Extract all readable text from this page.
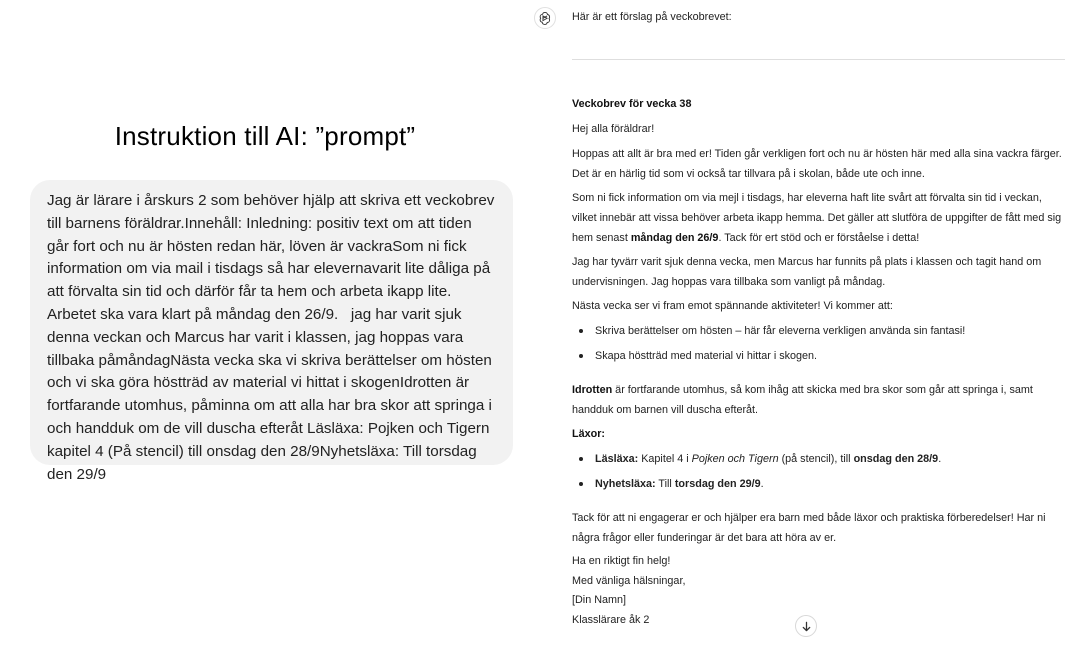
Instruktion till AI: ”prompt”
Jag är lärare i årskurs 2 som behöver hjälp att skriva ett veckobrev till barnens föräldrar.Innehåll: Inledning: positiv text om att tiden går fort och nu är hösten redan här, löven är vackraSom ni fick information om via mail i tisdags så har elevernavarit lite dåliga på att förvalta sin tid och därför får ta hem och arbeta ikapp lite. Arbetet ska vara klart på måndag den 26/9.   jag har varit sjuk denna veckan och Marcus har varit i klassen, jag hoppas vara tillbaka påmåndagNästa vecka ska vi skriva berättelser om hösten och vi ska göra höstträd av material vi hittat i skogenIdrotten är fortfarande utomhus, påminna om att alla har bra skor att springa i och handduk om de vill duscha efteråt Läsläxa: Pojken och Tigern kapitel 4 (På stencil) till onsdag den 28/9Nyhetsläxa: Till torsdag den 29/9
Här är ett förslag på veckobrevet:
Veckobrev för vecka 38
Hej alla föräldrar!
Hoppas att allt är bra med er! Tiden går verkligen fort och nu är hösten här med alla sina vackra färger. Det är en härlig tid som vi också tar tillvara på i skolan, både ute och inne.
Som ni fick information om via mejl i tisdags, har eleverna haft lite svårt att förvalta sin tid i veckan, vilket innebär att vissa behöver arbeta ikapp hemma. Det gäller att slutföra de uppgifter de fått med sig hem senast måndag den 26/9. Tack för ert stöd och er förståelse i detta!
Jag har tyvärr varit sjuk denna vecka, men Marcus har funnits på plats i klassen och tagit hand om undervisningen. Jag hoppas vara tillbaka som vanligt på måndag.
Nästa vecka ser vi fram emot spännande aktiviteter! Vi kommer att:
Skriva berättelser om hösten – här får eleverna verkligen använda sin fantasi!
Skapa höstträd med material vi hittar i skogen.
Idrotten är fortfarande utomhus, så kom ihåg att skicka med bra skor som går att springa i, samt handduk om barnen vill duscha efteråt.
Läxor:
Läsläxa: Kapitel 4 i Pojken och Tigern (på stencil), till onsdag den 28/9.
Nyhetsläxa: Till torsdag den 29/9.
Tack för att ni engagerar er och hjälper era barn med både läxor och praktiska förberedelser! Har ni några frågor eller funderingar är det bara att höra av er.
Ha en riktigt fin helg!
Med vänliga hälsningar,
[Din Namn]
Klasslärare åk 2
